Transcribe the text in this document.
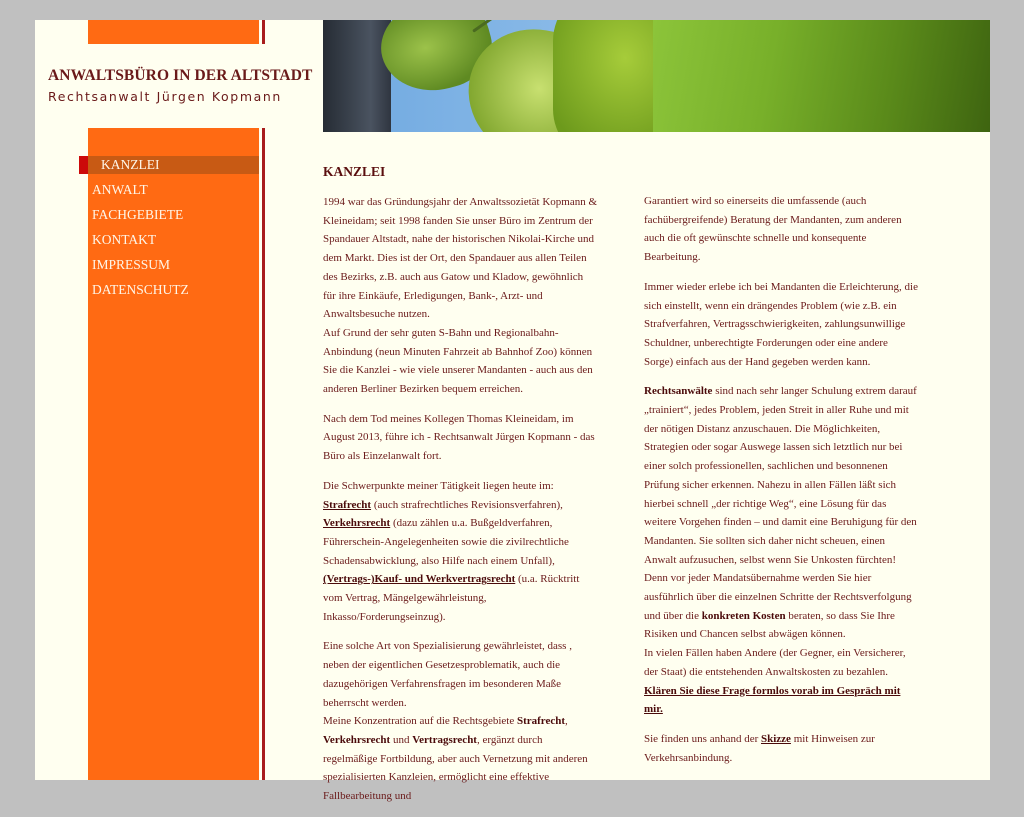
ANWALTSBÜRO IN DER ALTSTADT
Rechtsanwalt Jürgen Kopmann
KANZLEI
ANWALT
FACHGEBIETE
KONTAKT
IMPRESSUM
DATENSCHUTZ
KANZLEI

1994 war das Gründungsjahr der Anwaltssozietät Kopmann & Kleineidam; seit 1998 fanden Sie unser Büro im Zentrum der Spandauer Altstadt, nahe der historischen Nikolai-Kirche und dem Markt. Dies ist der Ort, den Spandauer aus allen Teilen des Bezirks, z.B. auch aus Gatow und Kladow, gewöhnlich für ihre Einkäufe, Erledigungen, Bank-, Arzt- und Anwaltsbesuche nutzen.
Auf Grund der sehr guten S-Bahn und Regionalbahn-Anbindung (neun Minuten Fahrzeit ab Bahnhof Zoo) können Sie die Kanzlei - wie viele unserer Mandanten - auch aus den anderen Berliner Bezirken bequem erreichen.

Nach dem Tod meines Kollegen Thomas Kleineidam, im August 2013, führe ich - Rechtsanwalt Jürgen Kopmann - das Büro als Einzelanwalt fort.

Die Schwerpunkte meiner Tätigkeit liegen heute im:
Strafrecht (auch strafrechtliches Revisionsverfahren),
Verkehrsrecht (dazu zählen u.a. Bußgeldverfahren, Führerschein-Angelegenheiten sowie die zivilrechtliche Schadensabwicklung, also Hilfe nach einem Unfall),
(Vertrags-)Kauf- und Werkvertragsrecht (u.a. Rücktritt vom Vertrag, Mängelgewährleistung, Inkasso/Forderungseinzug).

Eine solche Art von Spezialisierung gewährleistet, dass , neben der eigentlichen Gesetzesproblematik, auch die dazugehörigen Verfahrensfragen im besonderen Maße beherrscht werden.
Meine Konzentration auf die Rechtsgebiete Strafrecht, Verkehrsrecht und Vertragsrecht, ergänzt durch regelmäßige Fortbildung, aber auch Vernetzung mit anderen spezialisierten Kanzleien, ermöglicht eine effektive Fallbearbeitung und

Garantiert wird so einerseits die umfassende (auch fachübergreifende) Beratung der Mandanten, zum anderen auch die oft gewünschte schnelle und konsequente Bearbeitung.

Immer wieder erlebe ich bei Mandanten die Erleichterung, die sich einstellt, wenn ein drängendes Problem (wie z.B. ein Strafverfahren, Vertragsschwierigkeiten, zahlungsunwillige Schuldner, unberechtigte Forderungen oder eine andere Sorge) einfach aus der Hand gegeben werden kann.

Rechtsanwälte sind nach sehr langer Schulung extrem darauf „trainiert“, jedes Problem, jeden Streit in aller Ruhe und mit der nötigen Distanz anzuschauen. Die Möglichkeiten, Strategien oder sogar Auswege lassen sich letztlich nur bei einer solch professionellen, sachlichen und besonnenen Prüfung sicher erkennen. Nahezu in allen Fällen läßt sich hierbei schnell „der richtige Weg“, eine Lösung für das weitere Vorgehen finden – und damit eine Beruhigung für den Mandanten. Sie sollten sich daher nicht scheuen, einen Anwalt aufzusuchen, selbst wenn Sie Unkosten fürchten! Denn vor jeder Mandatsübernahme werden Sie hier ausführlich über die einzelnen Schritte der Rechtsverfolgung und über die konkreten Kosten beraten, so dass Sie Ihre Risiken und Chancen selbst abwägen können.
In vielen Fällen haben Andere (der Gegner, ein Versicherer, der Staat) die entstehenden Anwaltskosten zu bezahlen. Klären Sie diese Frage formlos vorab im Gespräch mit mir.

Sie finden uns anhand der Skizze mit Hinweisen zur Verkehrsanbindung.
